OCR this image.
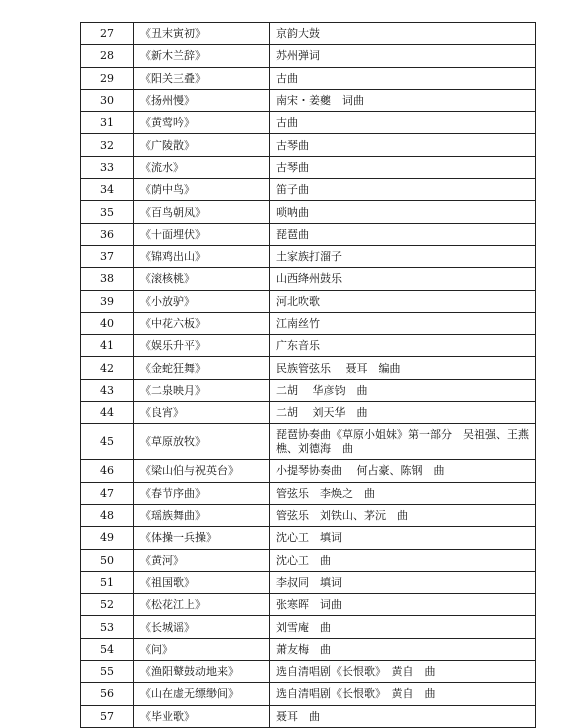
27	《丑末寅初》	京韵大鼓
28	《新木兰辞》	苏州弹词
29	《阳关三叠》	古曲
30	《扬州慢》	南宋・姜夔　词曲
31	《黄莺吟》	古曲
32	《广陵散》	古琴曲
33	《流水》	古琴曲
34	《荫中鸟》	笛子曲
35	《百鸟朝凤》	唢呐曲
36	《十面埋伏》	琵琶曲
37	《锦鸡出山》	土家族打溜子
38	《滚核桃》	山西绛州鼓乐
39	《小放驴》	河北吹歌
40	《中花六板》	江南丝竹
41	《娱乐升平》	广东音乐
42	《金蛇狂舞》	民族管弦乐　 聂耳　编曲
43	《二泉映月》	二胡　 华彦钧　曲
44	《良宵》	二胡　 刘天华　曲
45	《草原放牧》	琵琶协奏曲《草原小姐妹》第一部分　吴祖强、王燕樵、刘德海　曲
46	《梁山伯与祝英台》	小提琴协奏曲　 何占豪、陈钢　曲
47	《春节序曲》	管弦乐　李焕之　曲
48	《瑶族舞曲》	管弦乐　刘铁山、茅沅　曲
49	《体操一兵操》	沈心工　填词
50	《黄河》	沈心工　曲
51	《祖国歌》	李叔同　填词
52	《松花江上》	张寒晖　词曲
53	《长城谣》	刘雪庵　曲
54	《问》	萧友梅　曲
55	《渔阳鼙鼓动地来》	选自清唱剧《长恨歌》　黄自　曲
56	《山在虚无缥缈间》	选自清唱剧《长恨歌》　黄自　曲
57	《毕业歌》	聂耳　曲
